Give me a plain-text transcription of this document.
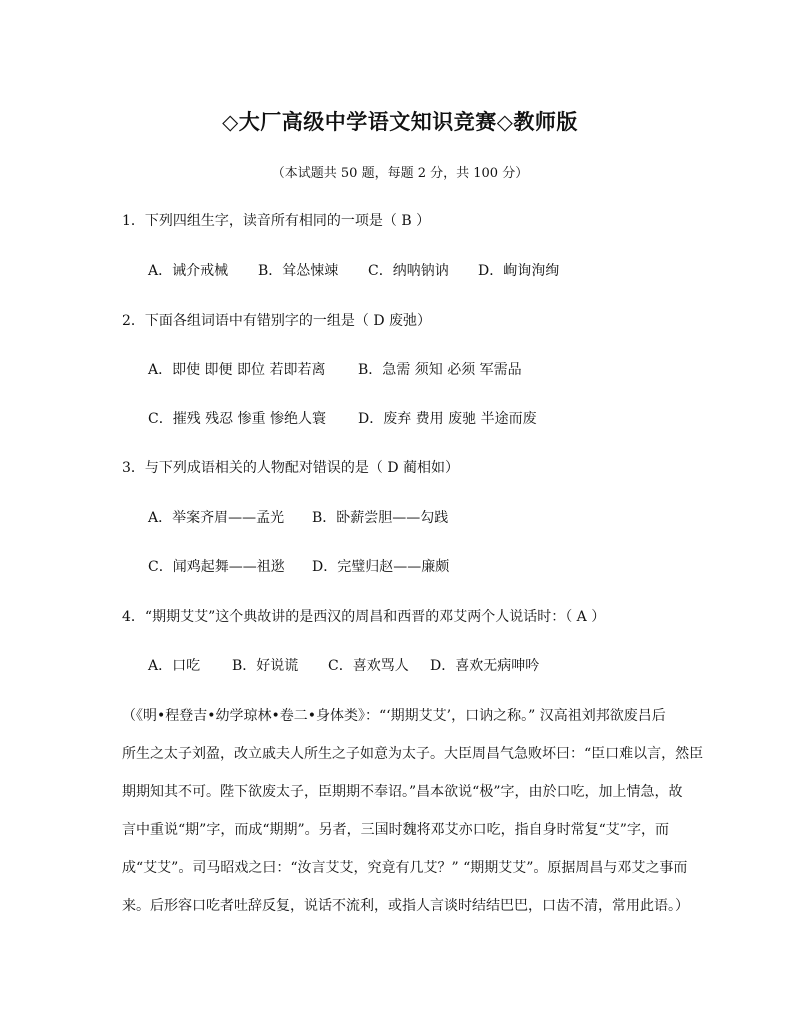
◇大厂高级中学语文知识竞赛◇教师版
（本试题共 50 题，每题 2 分，共 100 分）
1．下列四组生字，读音所有相同的一项是（ B ）
A．诫介戒械 B．耸怂悚竦 C．纳呐钠讷 D．峋询洵绚
2．下面各组词语中有错别字的一组是（ D 废弛）
A．即使 即便 即位 若即若离 B．急需 须知 必须 军需品
C．摧残 残忍 惨重 惨绝人寰 D．废弃 费用 废驰 半途而废
3．与下列成语相关的人物配对错误的是（ D 蔺相如）
A．举案齐眉——孟光 B．卧薪尝胆——勾践
C．闻鸡起舞——祖逖 D．完璧归赵——廉颇
4．“期期艾艾”这个典故讲的是西汉的周昌和西晋的邓艾两个人说话时：（ A ）
A．口吃 B．好说谎 C．喜欢骂人 D．喜欢无病呻吟
（《明•程登吉•幼学琼林•卷二•身体类》：“‘期期艾艾’，口讷之称。” 汉高祖刘邦欲废吕后
所生之太子刘盈，改立戚夫人所生之子如意为太子。大臣周昌气急败坏曰：“臣口难以言，然臣
期期知其不可。陛下欲废太子，臣期期不奉诏。”昌本欲说“极”字，由於口吃，加上情急，故
言中重说“期”字，而成“期期”。另者，三国时魏将邓艾亦口吃，指自身时常复“艾”字，而
成“艾艾”。司马昭戏之曰：“汝言艾艾，究竟有几艾？” “期期艾艾”。原据周昌与邓艾之事而
来。后形容口吃者吐辞反复，说话不流利，或指人言谈时结结巴巴，口齿不清，常用此语。）
